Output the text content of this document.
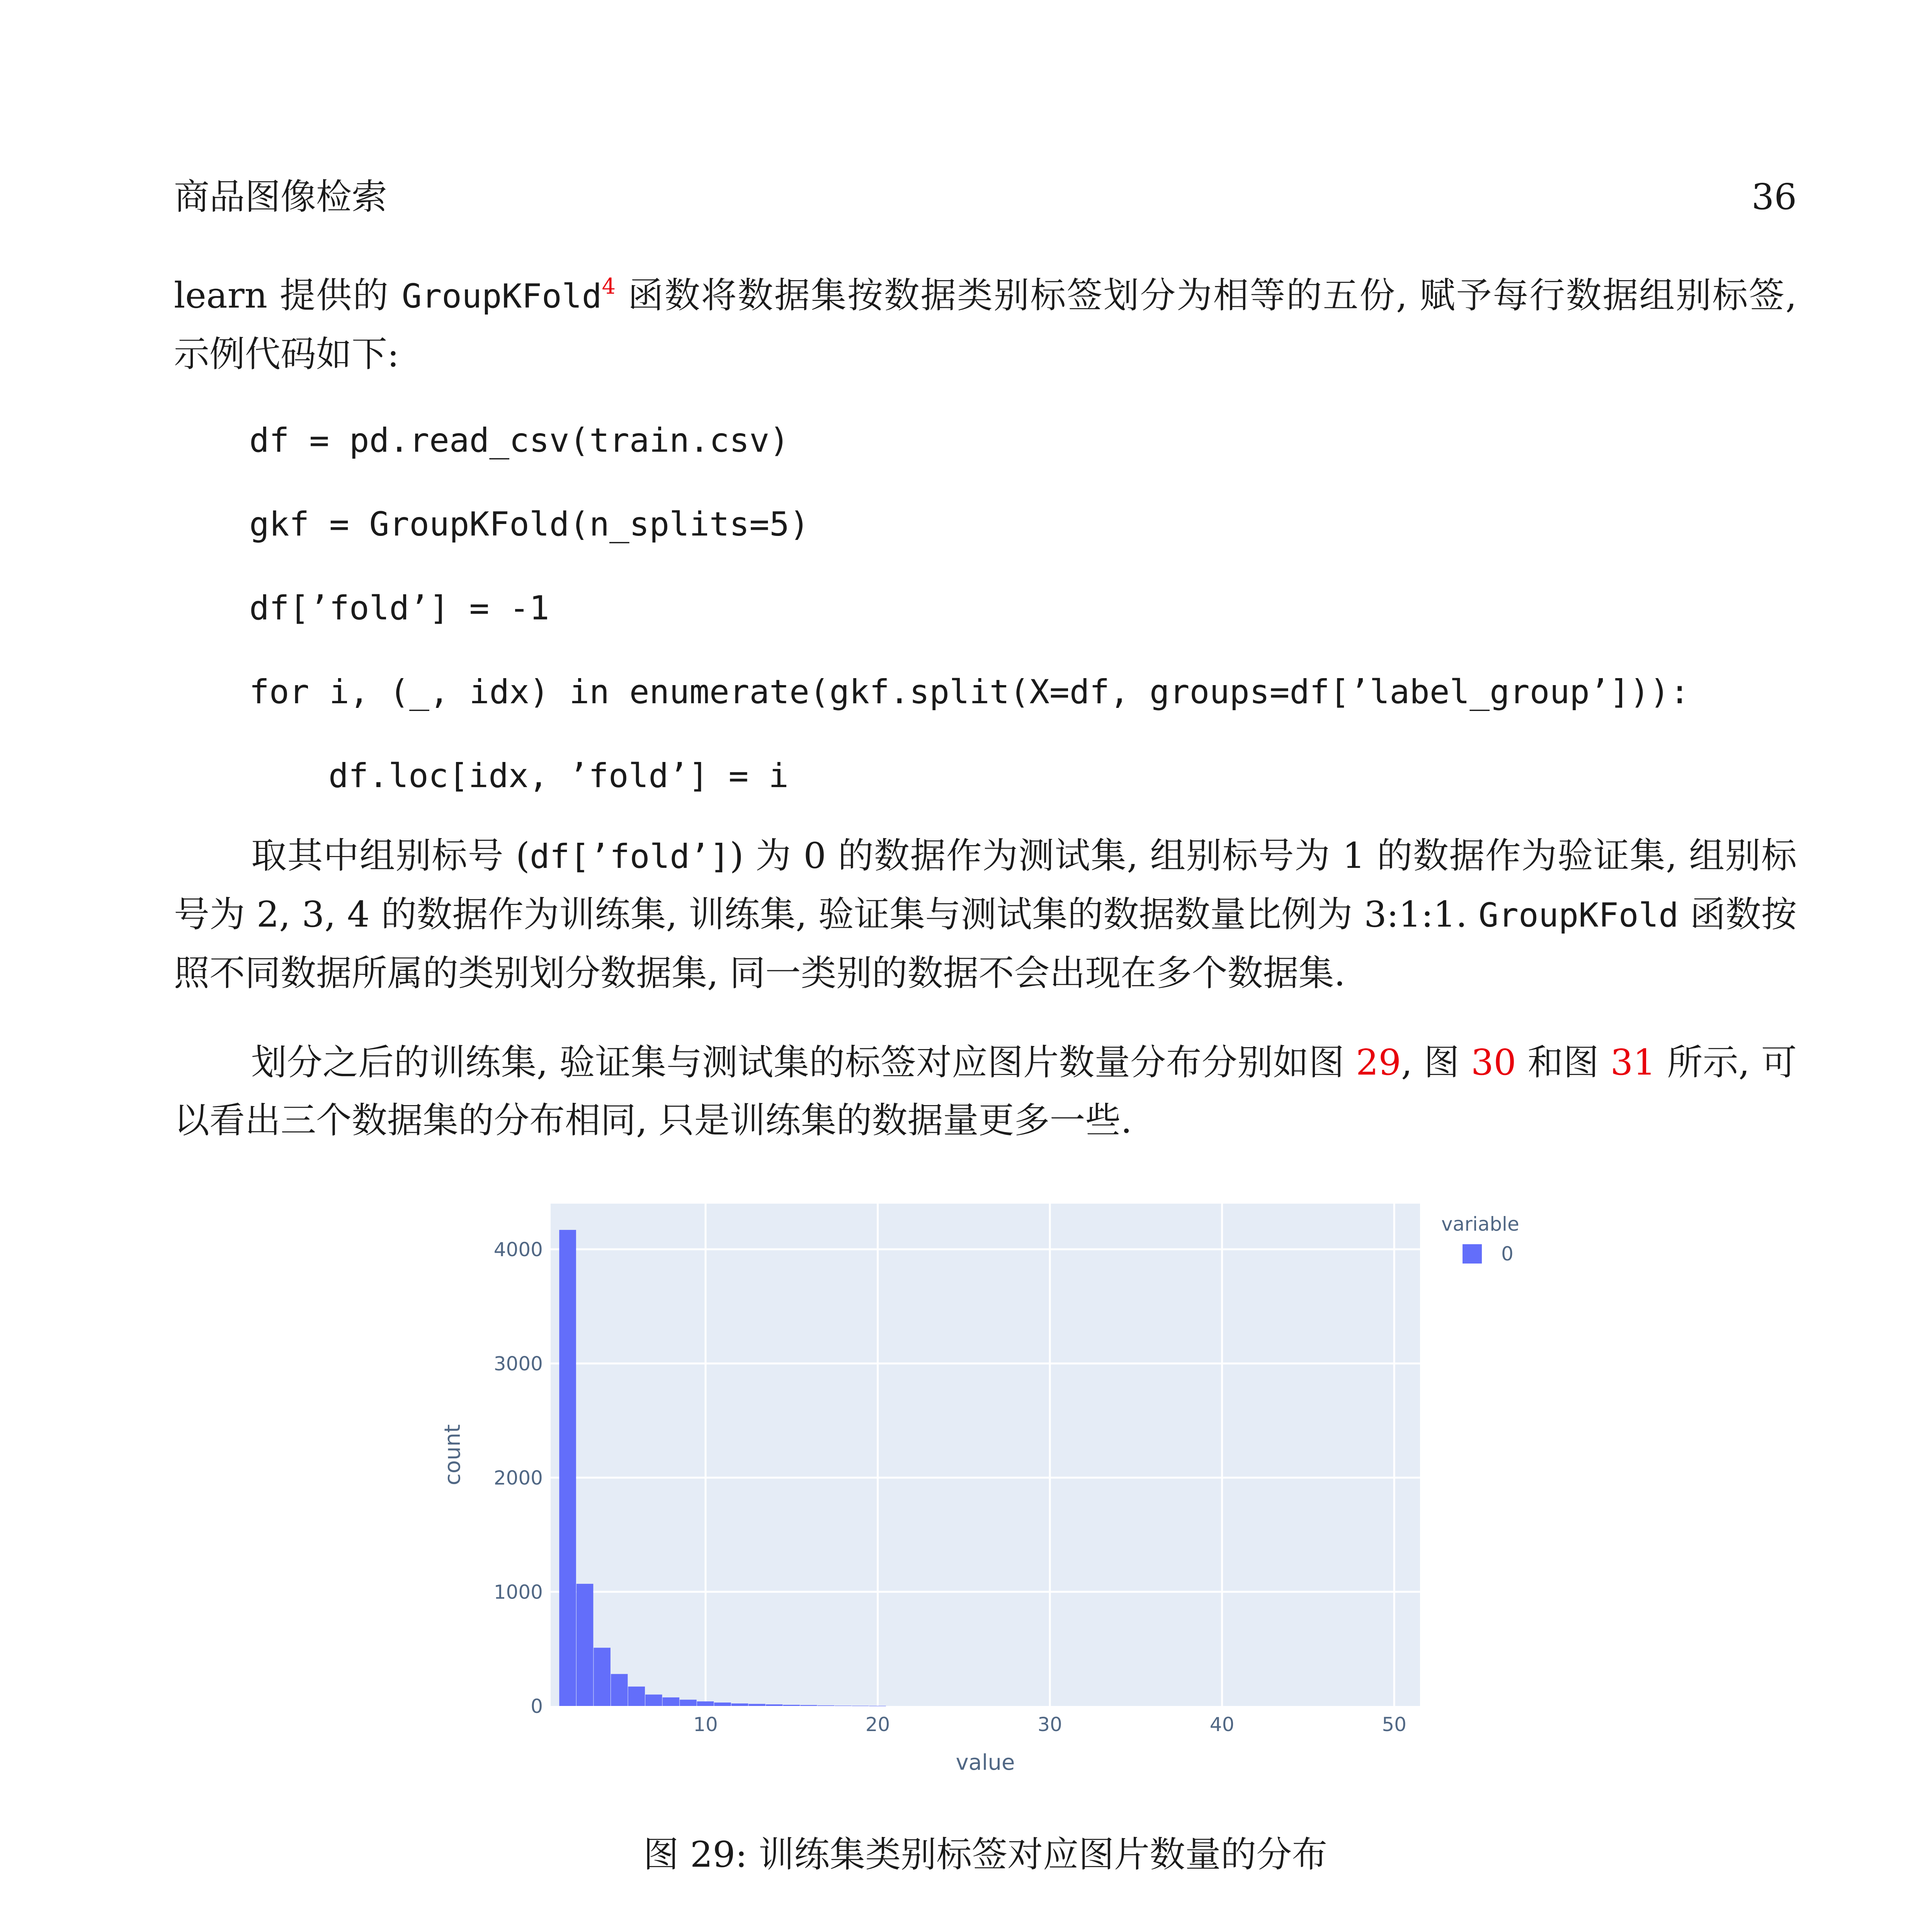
商品图像检索	36
learn 提供的 GroupKFold$^4$ 函数将数据集按数据类别标签划分为相等的五份, 赋予每行数据组别标签, 示例代码如下:
df = pd.read_csv(train.csv)
gkf = GroupKFold(n_splits=5)
df[’fold’] = -1
for i, (_, idx) in enumerate(gkf.split(X=df, groups=df[’label_group’])):
df.loc[idx, ’fold’] = i
取其中组别标号 (df[’fold’]) 为 0 的数据作为测试集, 组别标号为 1 的数据作为验证集, 组别标号为 2, 3, 4 的数据作为训练集, 训练集, 验证集与测试集的数据数量比例为 3:1:1. GroupKFold 函数按照不同数据所属的类别划分数据集, 同一类别的数据不会出现在多个数据集.
划分之后的训练集, 验证集与测试集的标签对应图片数量分布分别如图 29, 图 30 和图 31 所示, 可以看出三个数据集的分布相同, 只是训练集的数据量更多一些.
0
1000
2000
3000
4000
10	20	30	40	50
value
count
variable
0
图 29: 训练集类别标签对应图片数量的分布
